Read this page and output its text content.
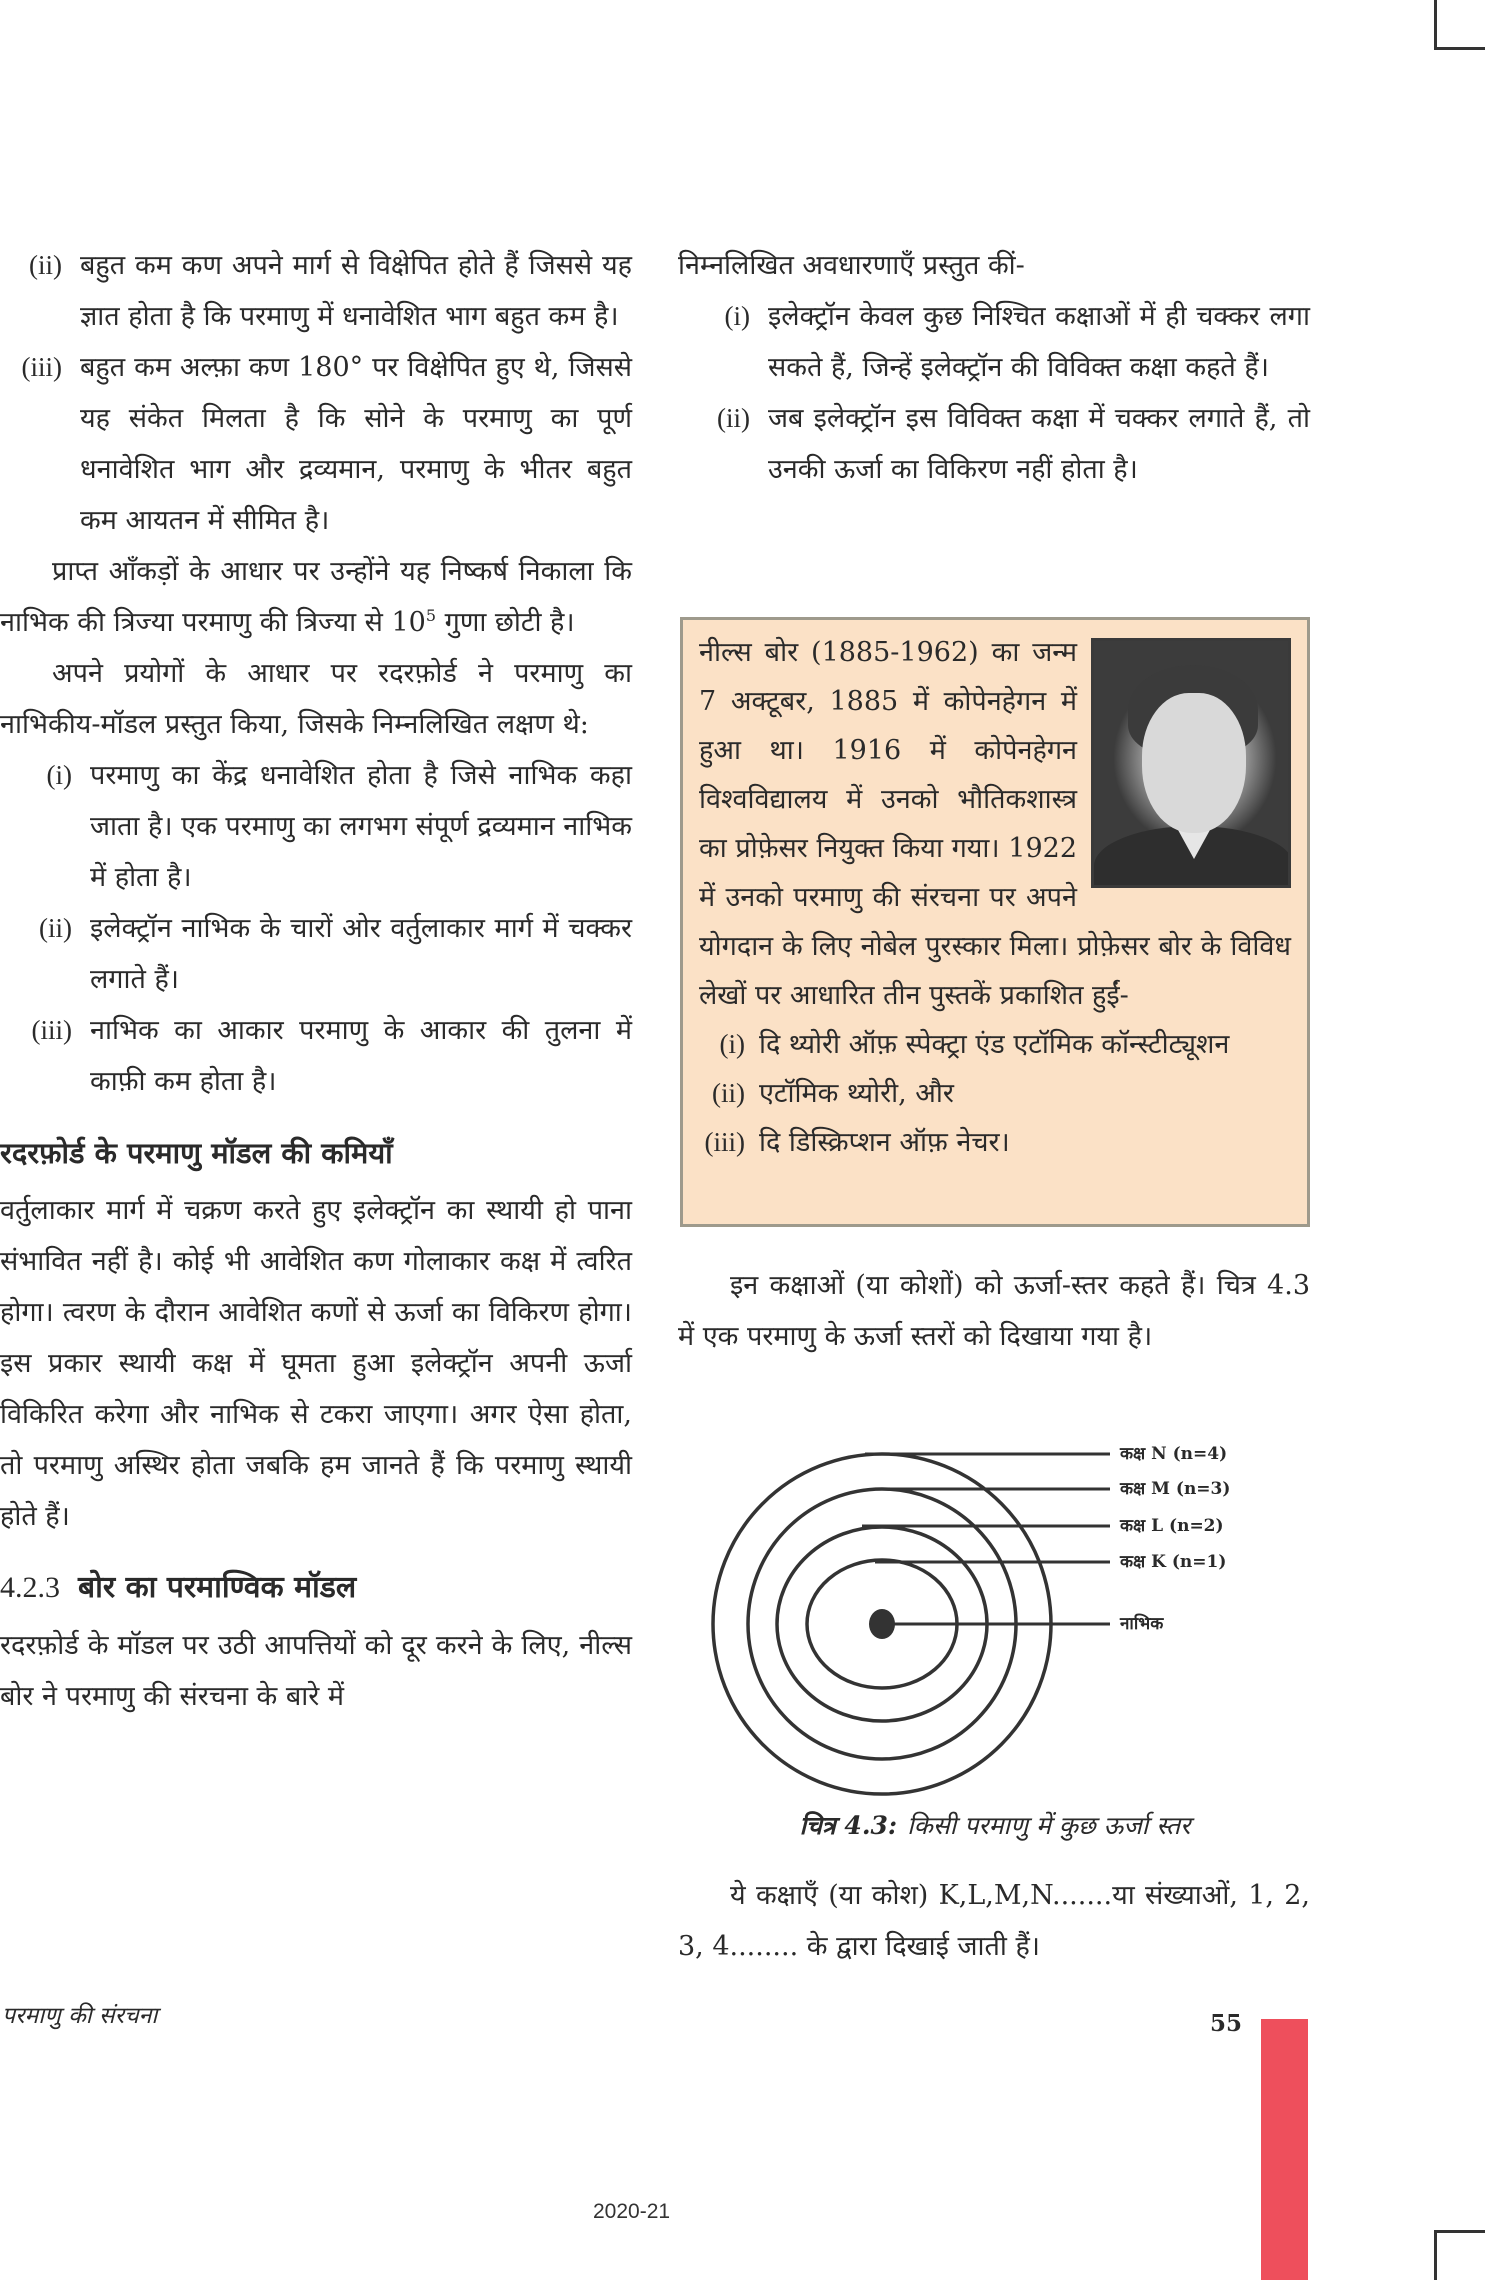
(ii) बहुत कम कण अपने मार्ग से विक्षेपित होते हैं जिससे यह ज्ञात होता है कि परमाणु में धनावेशित भाग बहुत कम है।
(iii) बहुत कम अल्फ़ा कण 180° पर विक्षेपित हुए थे, जिससे यह संकेत मिलता है कि सोने के परमाणु का पूर्ण धनावेशित भाग और द्रव्यमान, परमाणु के भीतर बहुत कम आयतन में सीमित है।

प्राप्त आँकड़ों के आधार पर उन्होंने यह निष्कर्ष निकाला कि नाभिक की त्रिज्या परमाणु की त्रिज्या से $10^5$ गुणा छोटी है।

अपने प्रयोगों के आधार पर रदरफ़ोर्ड ने परमाणु का नाभिकीय-मॉडल प्रस्तुत किया, जिसके निम्नलिखित लक्षण थे:

(i) परमाणु का केंद्र धनावेशित होता है जिसे नाभिक कहा जाता है। एक परमाणु का लगभग संपूर्ण द्रव्यमान नाभिक में होता है।
(ii) इलेक्ट्रॉन नाभिक के चारों ओर वर्तुलाकार मार्ग में चक्कर लगाते हैं।
(iii) नाभिक का आकार परमाणु के आकार की तुलना में काफ़ी कम होता है।
रदरफ़ोर्ड के परमाणु मॉडल की कमियाँ

वर्तुलाकार मार्ग में चक्रण करते हुए इलेक्ट्रॉन का स्थायी हो पाना संभावित नहीं है। कोई भी आवेशित कण गोलाकार कक्ष में त्वरित होगा। त्वरण के दौरान आवेशित कणों से ऊर्जा का विकिरण होगा। इस प्रकार स्थायी कक्ष में घूमता हुआ इलेक्ट्रॉन अपनी ऊर्जा विकिरित करेगा और नाभिक से टकरा जाएगा। अगर ऐसा होता, तो परमाणु अस्थिर होता जबकि हम जानते हैं कि परमाणु स्थायी होते हैं।

4.2.3 बोर का परमाण्विक मॉडल

रदरफ़ोर्ड के मॉडल पर उठी आपत्तियों को दूर करने के लिए, नील्स बोर ने परमाणु की संरचना के बारे में

निम्नलिखित अवधारणाएँ प्रस्तुत कीं-

(i) इलेक्ट्रॉन केवल कुछ निश्चित कक्षाओं में ही चक्कर लगा सकते हैं, जिन्हें इलेक्ट्रॉन की विविक्त कक्षा कहते हैं।
(ii) जब इलेक्ट्रॉन इस विविक्त कक्षा में चक्कर लगाते हैं, तो उनकी ऊर्जा का विकिरण नहीं होता है।

नील्स बोर (1885-1962) का जन्म 7 अक्टूबर, 1885 में कोपेनहेगन में हुआ था। 1916 में कोपेनहेगन विश्वविद्यालय में उनको भौतिकशास्त्र का प्रोफ़ेसर नियुक्त किया गया। 1922 में उनको परमाणु की संरचना पर अपने योगदान के लिए नोबेल पुरस्कार मिला। प्रोफ़ेसर बोर के विविध लेखों पर आधारित तीन पुस्तकें प्रकाशित हुईं-

(i) दि थ्योरी ऑफ़ स्पेक्ट्रा एंड एटॉमिक कॉन्स्टीट्यूशन
(ii) एटॉमिक थ्योरी, और
(iii) दि डिस्क्रिप्शन ऑफ़ नेचर।

इन कक्षाओं (या कोशों) को ऊर्जा-स्तर कहते हैं। चित्र 4.3 में एक परमाणु के ऊर्जा स्तरों को दिखाया गया है।

कक्ष N (n=4)
कक्ष M (n=3)
कक्ष L (n=2)
कक्ष K (n=1)
नाभिक
चित्र 4.3: किसी परमाणु में कुछ ऊर्जा स्तर

ये कक्षाएँ (या कोश) K,L,M,N.......या संख्याओं, 1, 2, 3, 4........ के द्वारा दिखाई जाती हैं।

परमाणु की संरचना	55
2020-21
